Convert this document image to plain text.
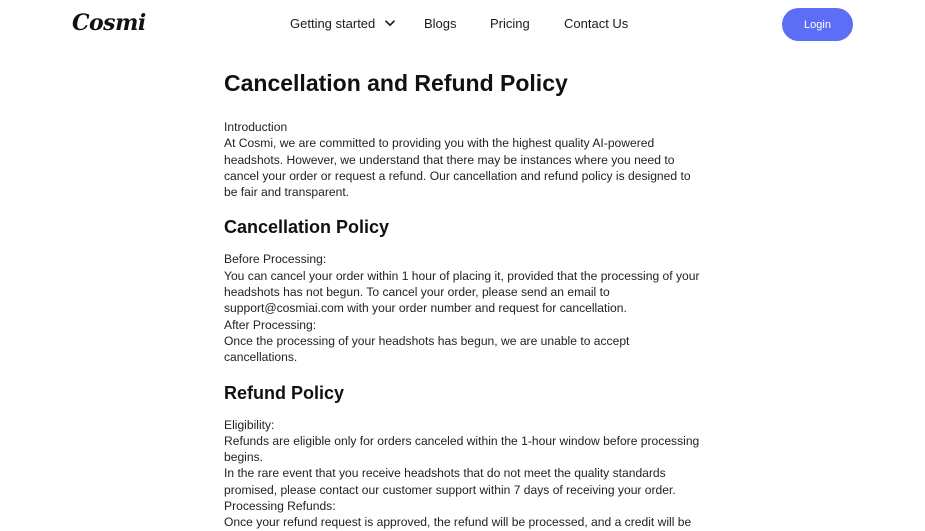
Cosmi	Getting started	Blogs	Pricing	Contact Us	Login
Cancellation and Refund Policy

Introduction

At Cosmi, we are committed to providing you with the highest quality AI-powered headshots. However, we understand that there may be instances where you need to cancel your order or request a refund. Our cancellation and refund policy is designed to be fair and transparent.

Cancellation Policy

Before Processing:

You can cancel your order within 1 hour of placing it, provided that the processing of your headshots has not begun. To cancel your order, please send an email to support@cosmiai.com with your order number and request for cancellation.

After Processing:

Once the processing of your headshots has begun, we are unable to accept cancellations.

Refund Policy

Eligibility:

Refunds are eligible only for orders canceled within the 1-hour window before processing begins.

In the rare event that you receive headshots that do not meet the quality standards promised, please contact our customer support within 7 days of receiving your order.

Processing Refunds:

Once your refund request is approved, the refund will be processed, and a credit will be
